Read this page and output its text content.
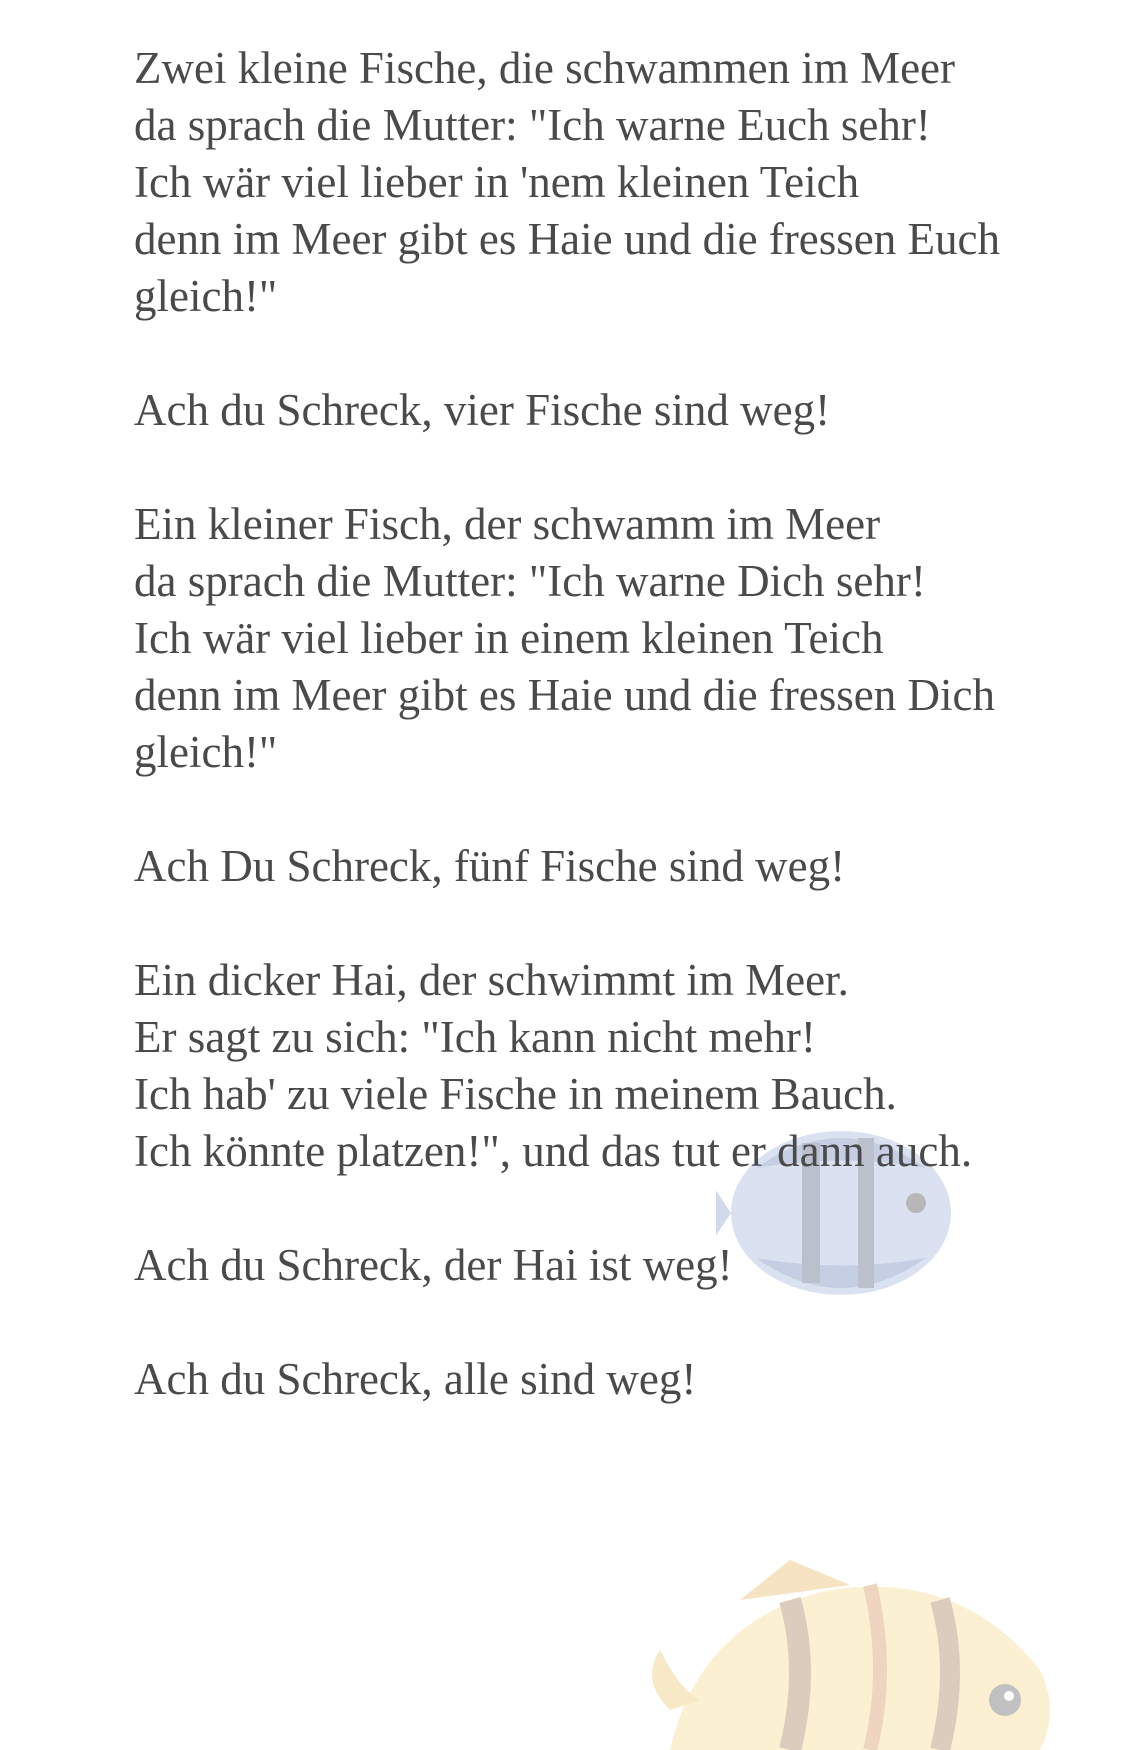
Zwei kleine Fische, die schwammen im Meer
da sprach die Mutter: "Ich warne Euch sehr!
Ich wär viel lieber in 'nem kleinen Teich
denn im Meer gibt es Haie und die fressen Euch gleich!"
Ach du Schreck, vier Fische sind weg!
Ein kleiner Fisch, der schwamm im Meer
da sprach die Mutter: "Ich warne Dich sehr!
Ich wär viel lieber in einem kleinen Teich
denn im Meer gibt es Haie und die fressen Dich gleich!"
Ach Du Schreck, fünf Fische sind weg!
Ein dicker Hai, der schwimmt im Meer.
Er sagt zu sich: "Ich kann nicht mehr!
Ich hab' zu viele Fische in meinem Bauch.
Ich könnte platzen!", und das tut er dann auch.
Ach du Schreck, der Hai ist weg!
Ach du Schreck, alle sind weg!
